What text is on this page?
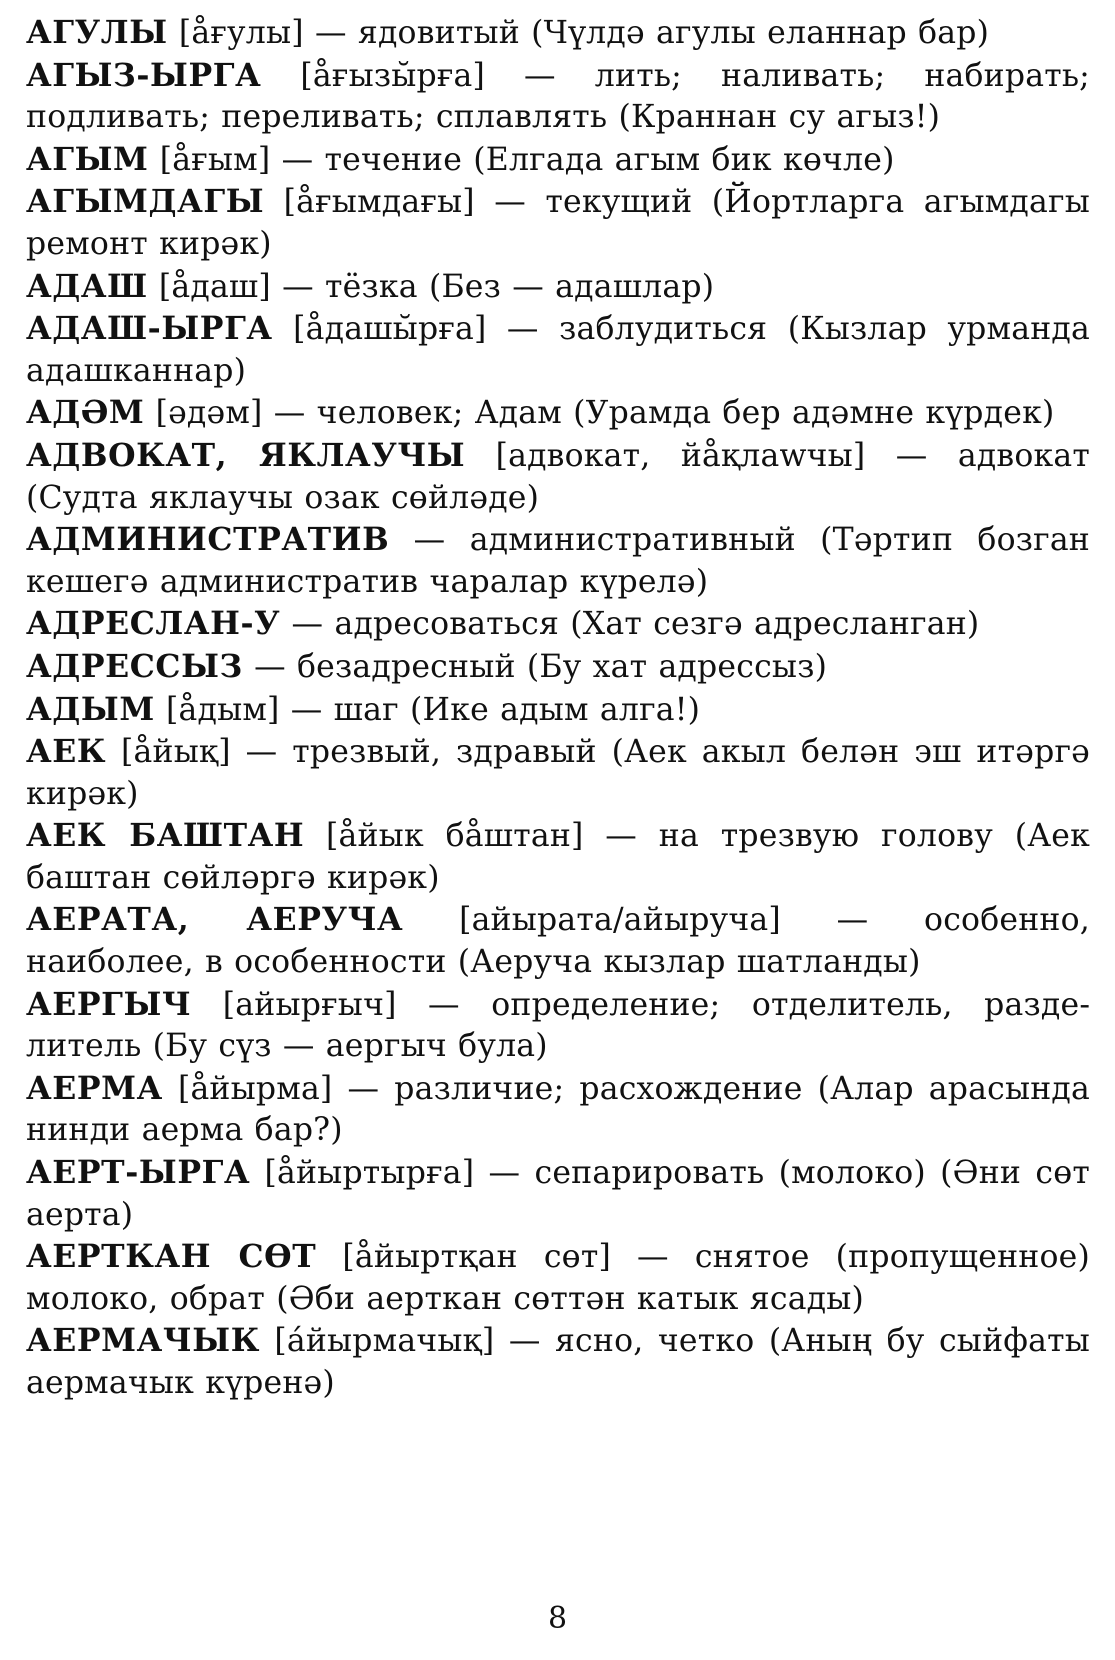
АГУЛЫ [а̊ғулы] — ядовитый (Чүлдә агулы еланнар бар)
АГЫЗ-ЫРГА [а̊ғызы̆рға] — лить; наливать; набирать; подливать; переливать; сплавлять (Краннан су агыз!)
АГЫМ [а̊ғым] — течение (Елгада агым бик көчле)
АГЫМДАГЫ [а̊ғымдағы] — текущий (Йортларга агымдагы ремонт кирәк)
АДАШ [а̊даш] — тёзка (Без — адашлар)
АДАШ-ЫРГА [а̊дашы̆рға] — заблудиться (Кызлар урманда адашканнар)
АДӘМ [әдәм] — человек; Адам (Урамда бер адәмне күрдек)
АДВОКАТ, ЯКЛАУЧЫ [адвокат, йа̊қлаwчы] — адвокат (Судта яклаучы озак сөйләде)
АДМИНИСТРАТИВ — административный (Тәртип бозган кешегә административ чаралар күрелә)
АДРЕСЛАН-У — адресоваться (Хат сезгә адресланган)
АДРЕССЫЗ — безадресный (Бу хат адрессыз)
АДЫМ [а̊дым] — шаг (Ике адым алга!)
АЕК [а̊йық] — трезвый, здравый (Аек акыл белән эш итәргә кирәк)
АЕК БАШТАН [а̊йык ба̊штан] — на трезвую голову (Аек баштан сөйләргә кирәк)
АЕРАТА, АЕРУЧА [айырата/айыруча] — особенно, наиболее, в особенности (Аеруча кызлар шатланды)
АЕРГЫЧ [айырғыч] — определение; отделитель, разделитель (Бу сүз — аергыч була)
АЕРМА [а̊йырма] — различие; расхождение (Алар арасында нинди аерма бар?)
АЕРТ-ЫРГА [а̊йыртырға] — сепарировать (молоко) (Әни сөт аерта)
АЕРТКАН СӨТ [а̊йыртқан сөт] — снятое (пропущенное) молоко, обрат (Әби аерткан сөттән катык ясады)
АЕРМАЧЫК [а́йырмачық] — ясно, четко (Аның бу сыйфаты аермачык күренә)
8
